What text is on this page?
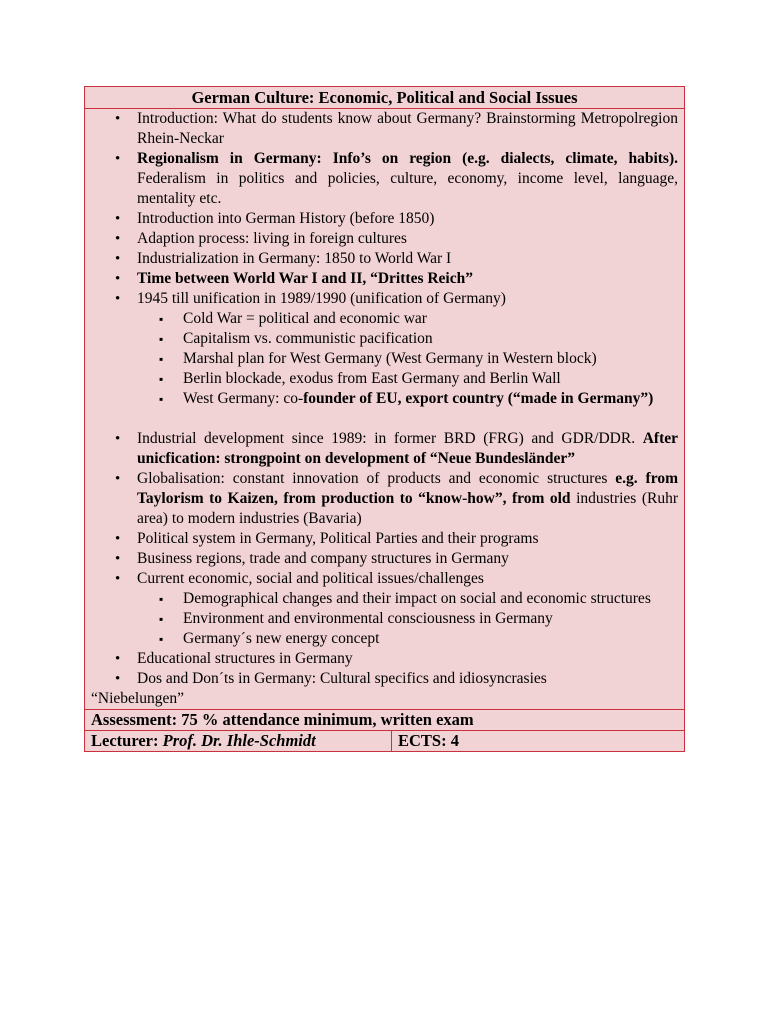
German Culture: Economic, Political and Social Issues

• Introduction: What do students know about Germany? Brainstorming Metropolregion Rhein-Neckar
• Regionalism in Germany: Info’s on region (e.g. dialects, climate, habits). Federalism in politics and policies, culture, economy, income level, language, mentality etc.
• Introduction into German History (before 1850)
• Adaption process: living in foreign cultures
• Industrialization in Germany: 1850 to World War I
• Time between World War I and II, “Drittes Reich”
• 1945 till unification in 1989/1990 (unification of Germany)
▪ Cold War = political and economic war
▪ Capitalism vs. communistic pacification
▪ Marshal plan for West Germany (West Germany in Western block)
▪ Berlin blockade, exodus from East Germany and Berlin Wall
▪ West Germany: co-founder of EU, export country (“made in Germany”)
• Industrial development since 1989: in former BRD (FRG) and GDR/DDR. After unicfication: strongpoint on development of “Neue Bundesländer”
• Globalisation: constant innovation of products and economic structures e.g. from Taylorism to Kaizen, from production to “know-how”, from old industries (Ruhr area) to modern industries (Bavaria)
• Political system in Germany, Political Parties and their programs
• Business regions, trade and company structures in Germany
• Current economic, social and political issues/challenges
▪ Demographical changes and their impact on social and economic structures
▪ Environment and environmental consciousness in Germany
▪ Germany´s new energy concept
• Educational structures in Germany
• Dos and Don´ts in Germany: Cultural specifics and idiosyncrasies
“Niebelungen”

Assessment: 75 % attendance minimum, written exam
Lecturer: Prof. Dr. Ihle-Schmidt	ECTS: 4
